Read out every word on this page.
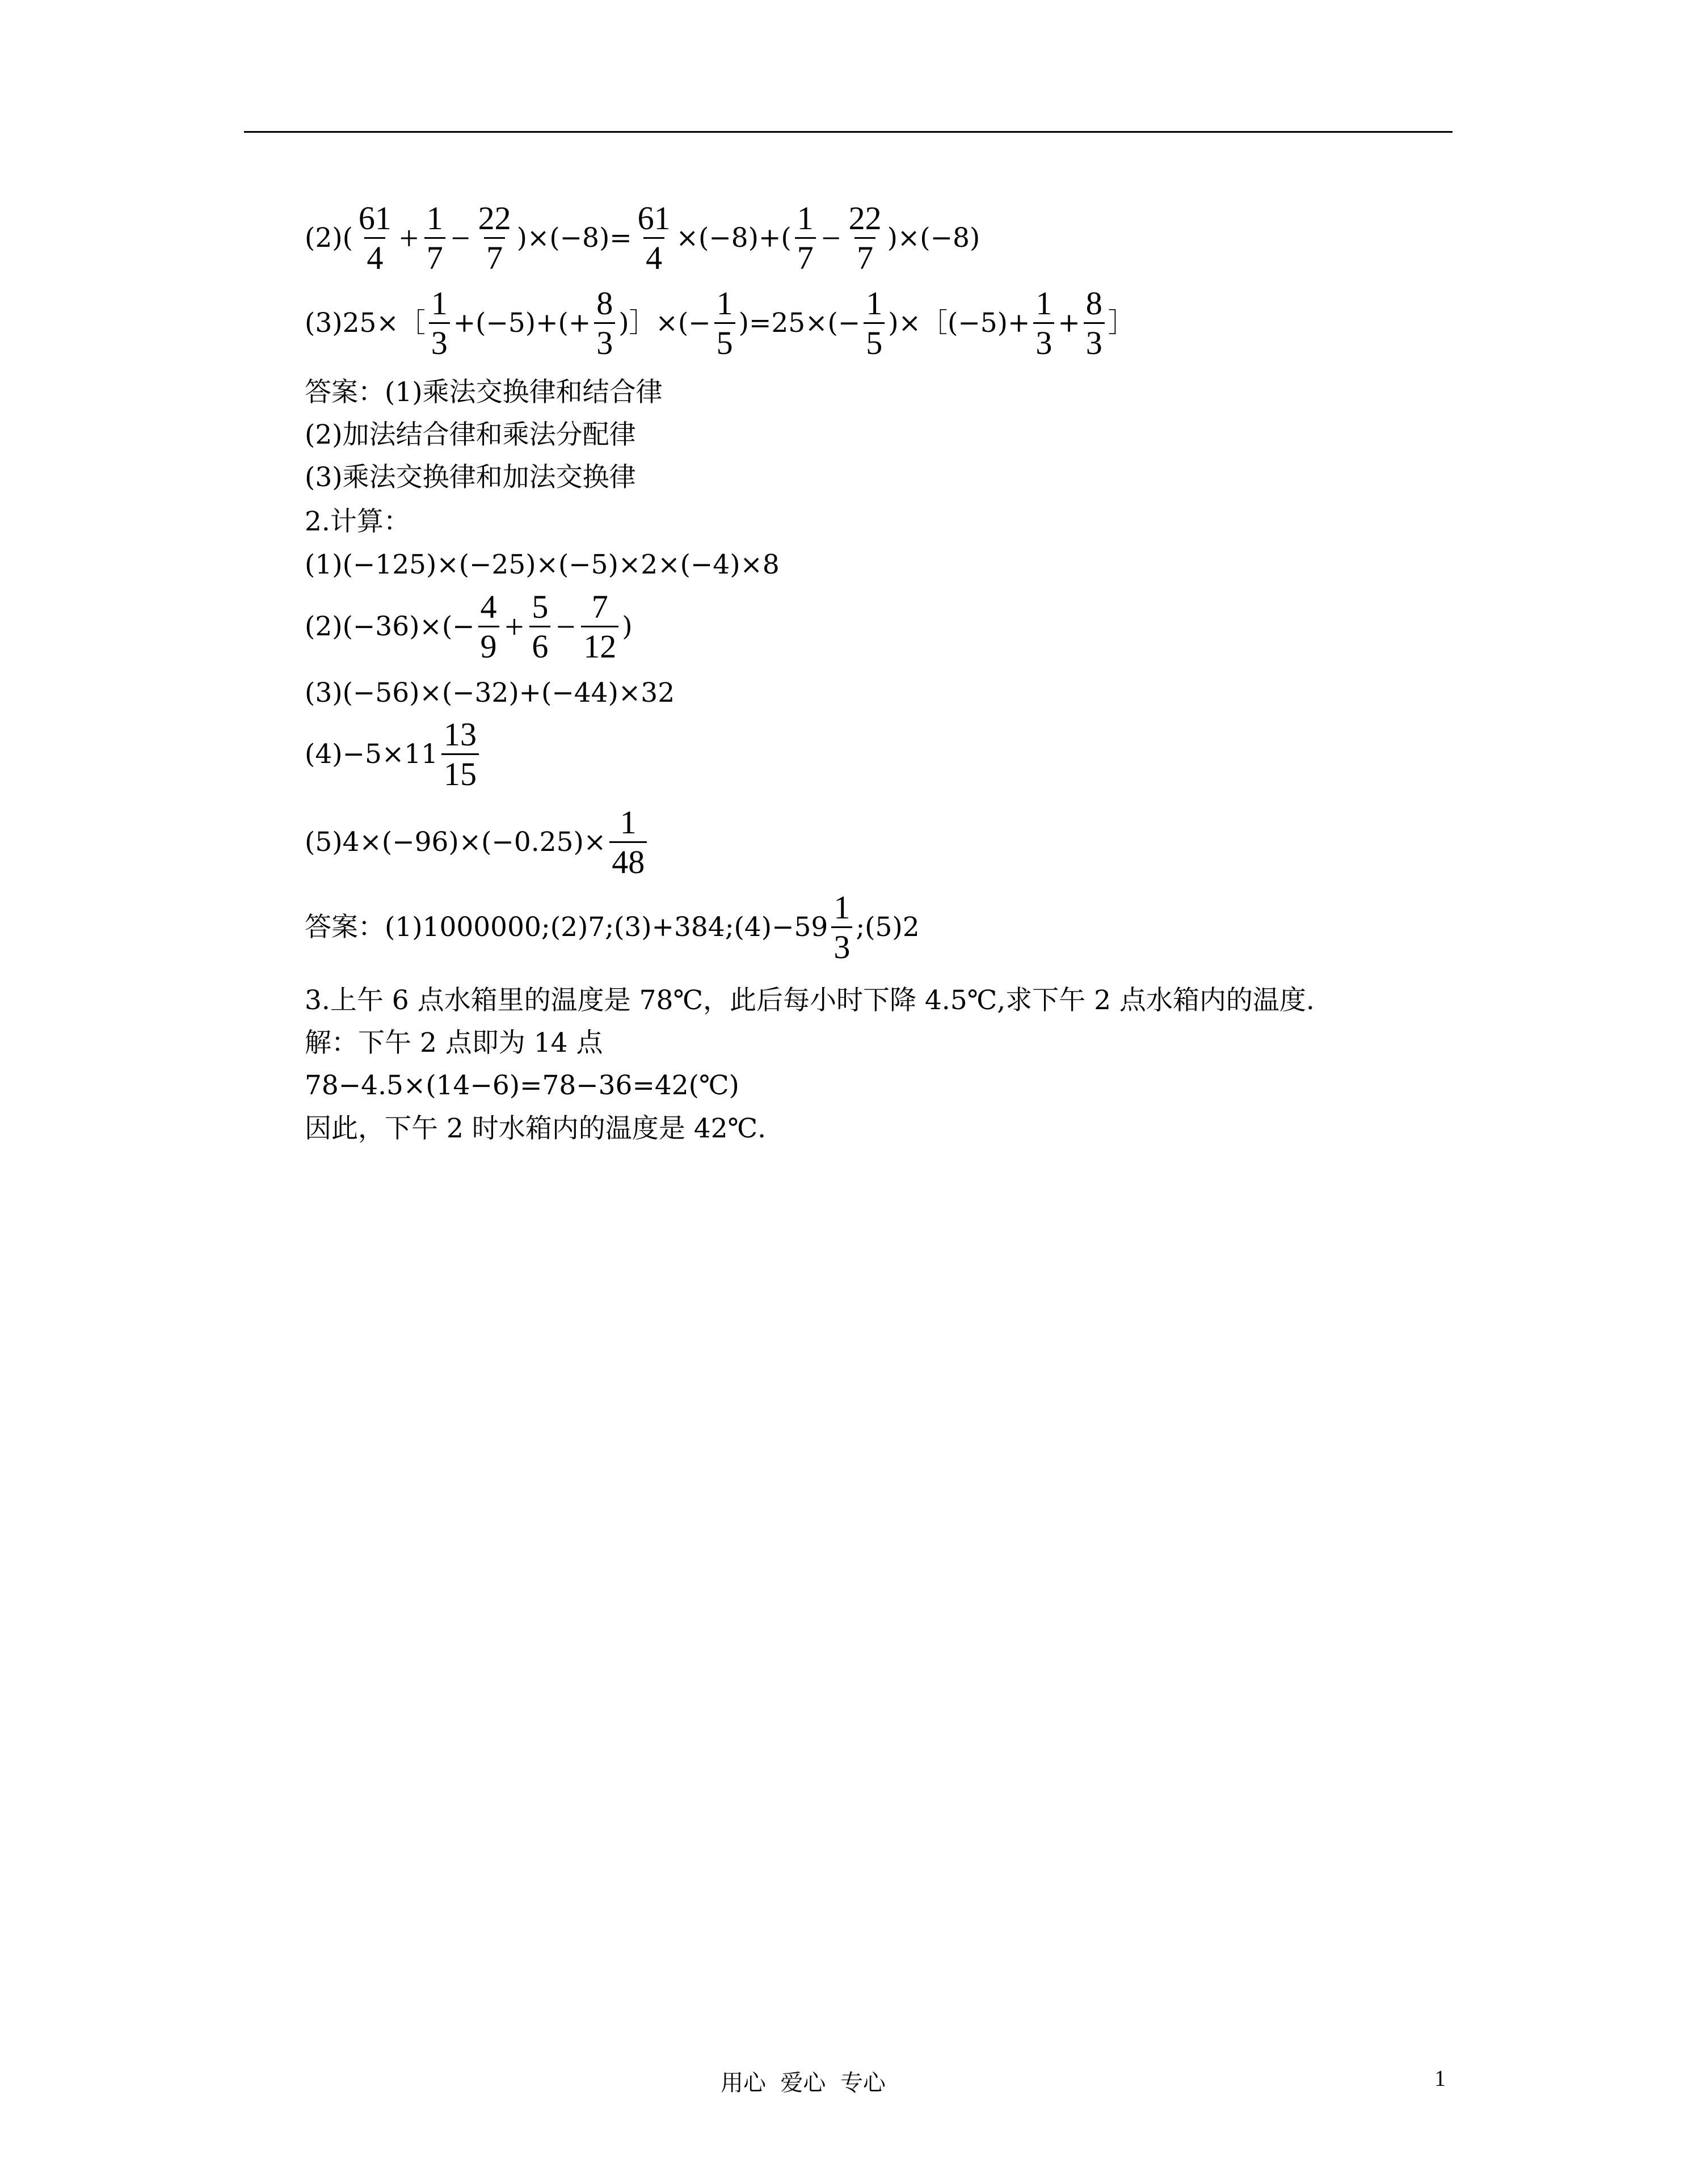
$(2)( \frac{61}{4} + \frac{1}{7} - \frac{22}{7} )\times(-8)= \frac{61}{4} \times(-8)+( \frac{1}{7} - \frac{22}{7} )\times(-8)$
(3)25×［ $\frac{1}{3} +(-5)+(+ \frac{8}{3}$ )］×(− $\frac{1}{5} )=25\times(- \frac{1}{5}$ )×［(−5)+ $\frac{1}{3} + \frac{8}{3}$ ］
答案：(1)乘法交换律和结合律
(2)加法结合律和乘法分配律
(3)乘法交换律和加法交换律
2.计算：
(1)(−125)×(−25)×(−5)×2×(−4)×8
$(2)(-36)\times(- \frac{4}{9} + \frac{5}{6} - \frac{7}{12}$ )
(3)(−56)×(−32)+(−44)×32
$(4)-5\times 11 \frac{13}{15}$
$(5)4\times(-96)\times(-0.25)\times \frac{1}{48}$
答案：(1)1000000;(2)7;(3)+384;(4)−59 $\frac{1}{3}$ ;(5)2
3.上午 6 点水箱里的温度是 78℃，此后每小时下降 4.5℃,求下午 2 点水箱内的温度.
解：下午 2 点即为 14 点
78−4.5×(14−6)=78−36=42(℃)
因此，下午 2 时水箱内的温度是 42℃.
用心  爱心  专心	1
